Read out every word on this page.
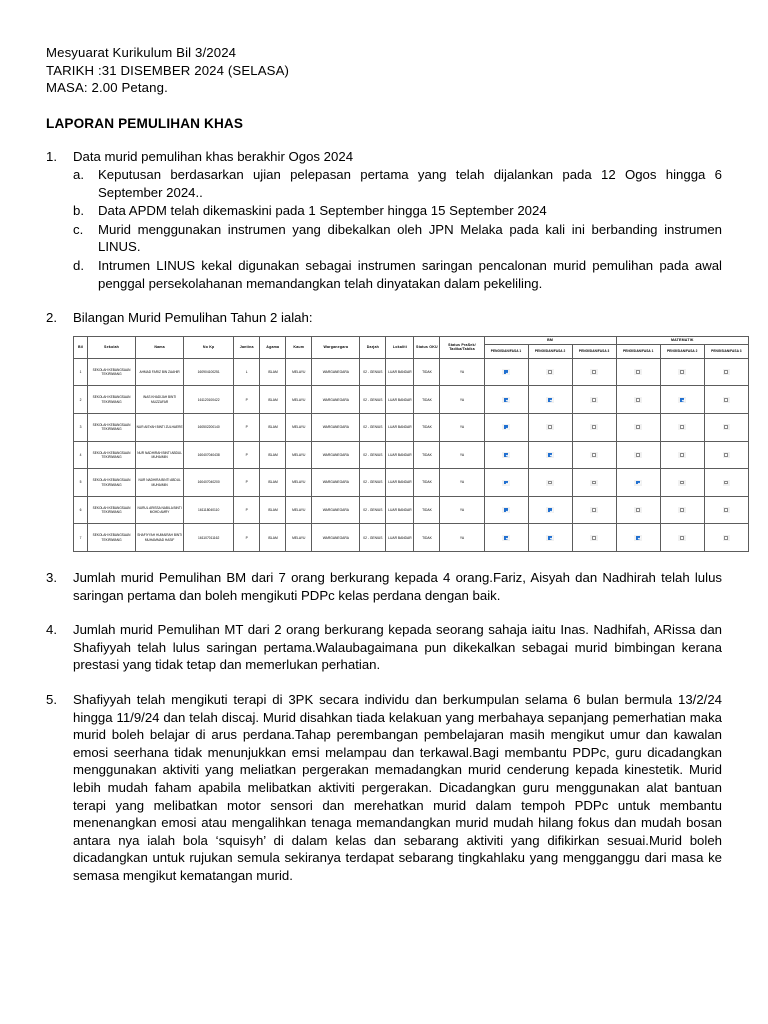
Mesyuarat Kurikulum Bil 3/2024
TARIKH :31 DISEMBER 2024 (SELASA)
MASA: 2.00 Petang.
LAPORAN PEMULIHAN KHAS
1.	Data murid pemulihan khas berakhir Ogos 2024

a.	Keputusan berdasarkan ujian pelepasan pertama yang telah dijalankan pada 12 Ogos hingga 6 September 2024..

b.	Data APDM telah dikemaskini pada 1 September hingga 15 September 2024

c.	Murid menggunakan instrumen yang dibekalkan oleh JPN Melaka pada kali ini berbanding instrumen LINUS.

d.	Intrumen LINUS kekal digunakan sebagai instrumen saringan pencalonan murid pemulihan pada awal penggal persekolahanan memandangkan telah dinyatakan dalam pekeliling.

2.	Bilangan Murid Pemulihan Tahun 2 ialah:

Bil	Sekolah	Nama	No Kp	Jantina	Agama	Kaum	Warganegara	Darjah	Lokaliti	Status OKU	Status PraSek/ Tadika/Tabika	BM			MATEMATIK		
												PENGISIAN/FASA 1	PENGISIAN/FASA 2	PENGISIAN/FASA 3	PENGISIAN/FASA 1	PENGISIAN/FASA 2	PENGISIAN/FASA 3
1	SEKOLAH KEBANGSAAN TEKIRIWANG	AHMAD FARIZ BIN ZAAHIR	160904100251	L	ISLAM	MELAYU	WARGANEGARA	02 - GENIUS	LUAR BANDAR	TIDAK	YA	

2	SEKOLAH KEBANGSAAN TEKIRIWANG	INAS KHADIJAH BINTI MUZZAFAR	161120100422	P	ISLAM	MELAYU	WARGANEGARA	02 - GENIUS	LUAR BANDAR	TIDAK	YA	

3	SEKOLAH KEBANGSAAN TEKIRIWANG	NUR AISYAH BINTI ZULHAERE	160502200140	P	ISLAM	MELAYU	WARGANEGARA	02 - GENIUS	LUAR BANDAR	TIDAK	YA	

4	SEKOLAH KEBANGSAAN TEKIRIWANG	NUR NADHIRAH BINTI ABDUL MUHAIMIN	160407040438	P	ISLAM	MELAYU	WARGANEGARA	02 - GENIUS	LUAR BANDAR	TIDAK	YA	

5	SEKOLAH KEBANGSAAN TEKIRIWANG	NUR NADHIRA BINTI ABDUL MUHAIMIN	160407040200	P	ISLAM	MELAYU	WARGANEGARA	02 - GENIUS	LUAR BANDAR	TIDAK	YA	

6	SEKOLAH KEBANGSAAN TEKIRIWANG	NURUL ARISSA NABILA BINTI MOHD AMRY	161118040110	P	ISLAM	MELAYU	WARGANEGARA	02 - GENIUS	LUAR BANDAR	TIDAK	YA	

7	SEKOLAH KEBANGSAAN TEKIRIWANG	SHAFIYYAH HUMAIRAH BINTI MUHAMMAD HASIF	161107011162	P	ISLAM	MELAYU	WARGANEGARA	02 - GENIUS	LUAR BANDAR	TIDAK	YA	

3.	Jumlah murid Pemulihan BM dari 7 orang berkurang kepada 4 orang.Fariz, Aisyah dan Nadhirah telah lulus saringan pertama dan boleh mengikuti PDPc kelas perdana dengan baik.

4.	Jumlah murid Pemulihan MT dari 2 orang berkurang kepada seorang sahaja iaitu Inas. Nadhifah, ARissa dan Shafiyyah telah lulus saringan pertama.Walaubagaimana pun dikekalkan sebagai murid bimbingan kerana prestasi yang tidak tetap dan memerlukan perhatian.

5.	Shafiyyah telah mengikuti terapi di 3PK secara individu dan berkumpulan selama 6 bulan bermula 13/2/24 hingga 11/9/24 dan telah discaj. Murid disahkan tiada kelakuan yang merbahaya sepanjang pemerhatian maka murid boleh belajar di arus perdana.Tahap perembangan pembelajaran masih mengikut umur dan kawalan emosi seerhana tidak menunjukkan emsi melampau dan terkawal.Bagi membantu PDPc, guru dicadangkan menggunakan aktiviti yang meliatkan pergerakan memadangkan murid cenderung kepada kinestetik. Murid lebih mudah faham apabila melibatkan aktiviti pergerakan. Dicadangkan guru menggunakan alat bantuan terapi yang melibatkan motor sensori dan merehatkan murid dalam tempoh PDPc untuk membantu menenangkan emosi atau mengalihkan tenaga memandangkan murid mudah hilang fokus dan mudah bosan antara nya ialah bola ‘squisyh’ di dalam kelas dan sebarang aktiviti yang difikirkan sesuai.Murid boleh dicadangkan untuk rujukan semula sekiranya terdapat sebarang tingkahlaku yang mengganggu dari masa ke semasa mengikut kematangan murid.
